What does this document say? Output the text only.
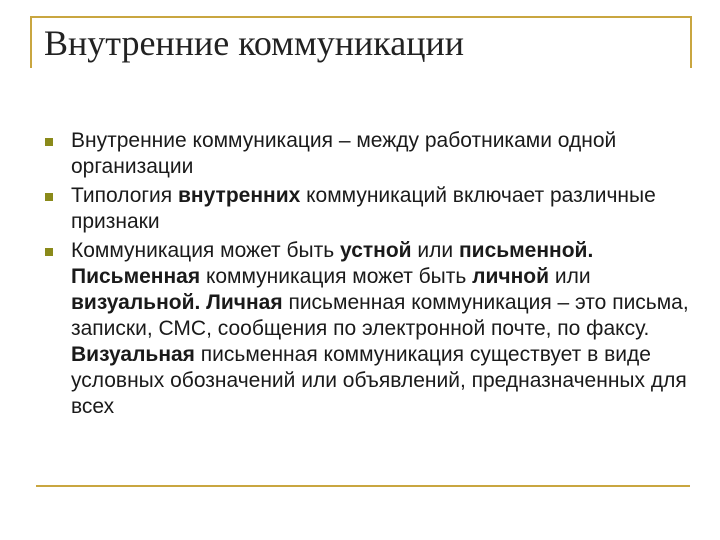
Внутренние коммуникации
Внутренние коммуникация – между работниками одной организации
Типология внутренних коммуникаций включает различные признаки
Коммуникация может быть устной или письменной. Письменная коммуникация может быть личной или визуальной. Личная письменная коммуникация – это письма, записки, СМС, сообщения по электронной почте, по факсу. Визуальная письменная коммуникация существует в виде условных обозначений или объявлений, предназначенных для всех
